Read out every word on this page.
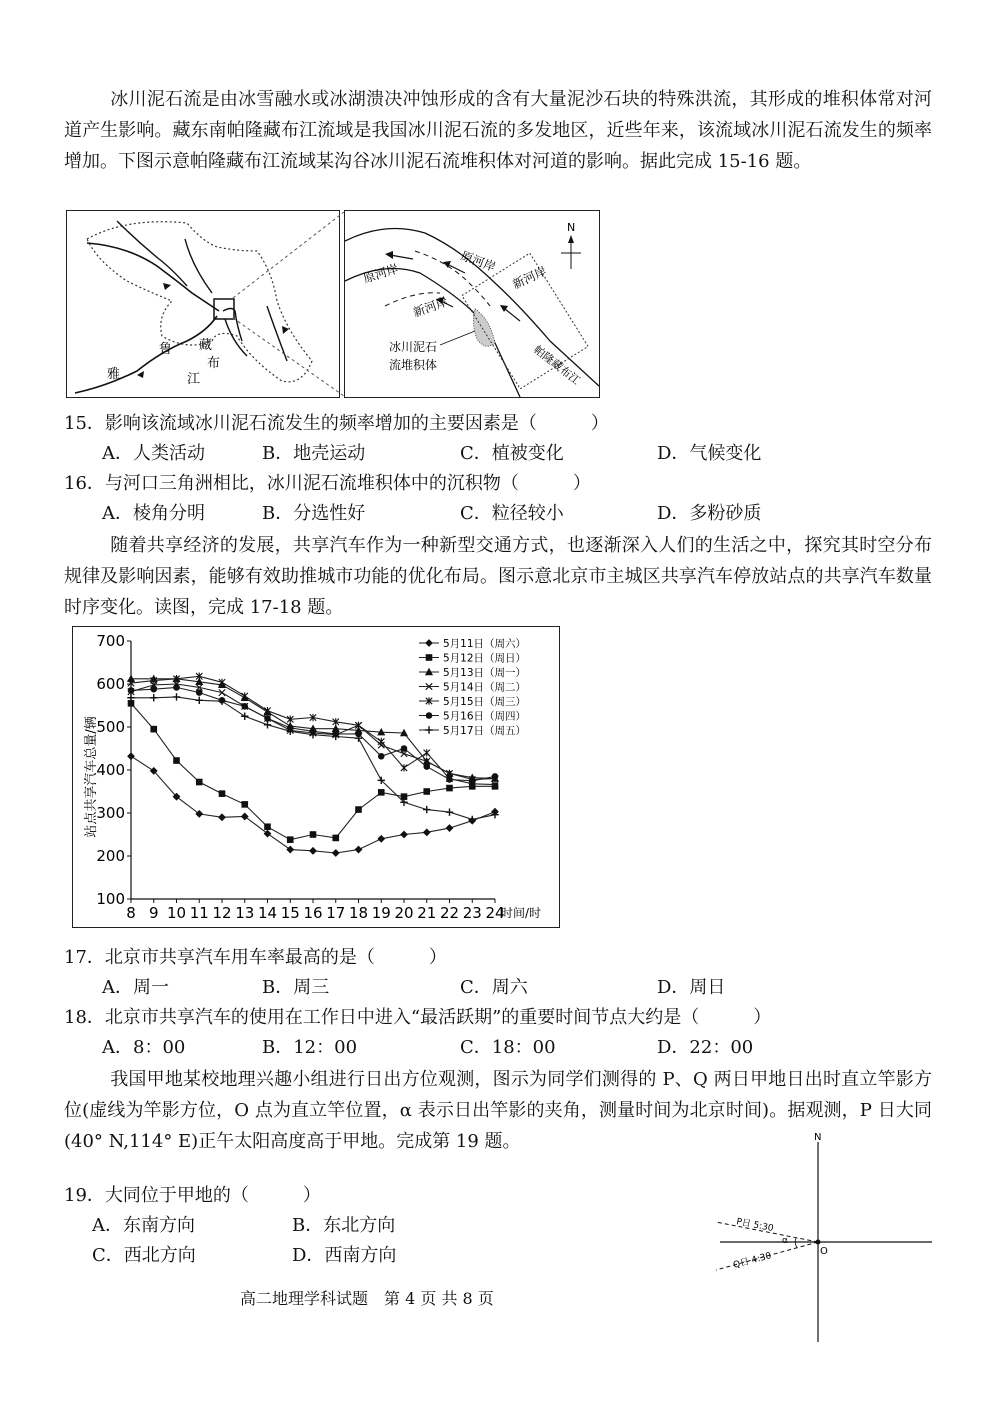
冰川泥石流是由冰雪融水或冰湖溃决冲蚀形成的含有大量泥沙石块的特殊洪流，其形成的堆积体常对河道产生影响。藏东南帕隆藏布江流域是我国冰川泥石流的多发地区，近些年来，该流域冰川泥石流发生的频率增加。下图示意帕隆藏布江流域某沟谷冰川泥石流堆积体对河道的影响。据此完成 15-16 题。
鲁 藏
布
雅	江
N
原河岸	原河岸
新河岸
新河岸
冰川泥石
流堆积体	帕隆藏布江
15．影响该流域冰川泥石流发生的频率增加的主要因素是（　　　）
A．人类活动	B．地壳运动	C．植被变化	D．气候变化
16．与河口三角洲相比，冰川泥石流堆积体中的沉积物（　　　）
A．棱角分明	B．分选性好	C．粒径较小	D．多粉砂质
随着共享经济的发展，共享汽车作为一种新型交通方式，也逐渐深入人们的生活之中，探究其时空分布规律及影响因素，能够有效助推城市功能的优化布局。图示意北京市主城区共享汽车停放站点的共享汽车数量时序变化。读图，完成 17-18 题。
站点共享汽车总量/辆
100
200
300
400
500
600
700
8 9 10 11 12 13 14 15 16 17 18 19 20 21 22 23 24
时间/时
5月11日（周六）
5月12日（周日）
5月13日（周一）
5月14日（周二）
5月15日（周三）
5月16日（周四）
5月17日（周五）
17．北京市共享汽车用车率最高的是（　　　）
A．周一	B．周三	C．周六	D．周日
18．北京市共享汽车的使用在工作日中进入“最活跃期”的重要时间节点大约是（　　　）
A．8：00	B．12：00	C．18：00	D．22：00
我国甲地某校地理兴趣小组进行日出方位观测，图示为同学们测得的 P、Q 两日甲地日出时直立竿影方位(虚线为竿影方位，O 点为直立竿位置，α 表示日出竿影的夹角，测量时间为北京时间)。据观测，P 日大同(40° N,114° E)正午太阳高度高于甲地。完成第 19 题。
19．大同位于甲地的（　　　）
A．东南方向	B．东北方向
C．西北方向	D．西南方向
N
O
P日 5:30
Q日 4:30
α
高二地理学科试题　第 4 页 共 8 页
